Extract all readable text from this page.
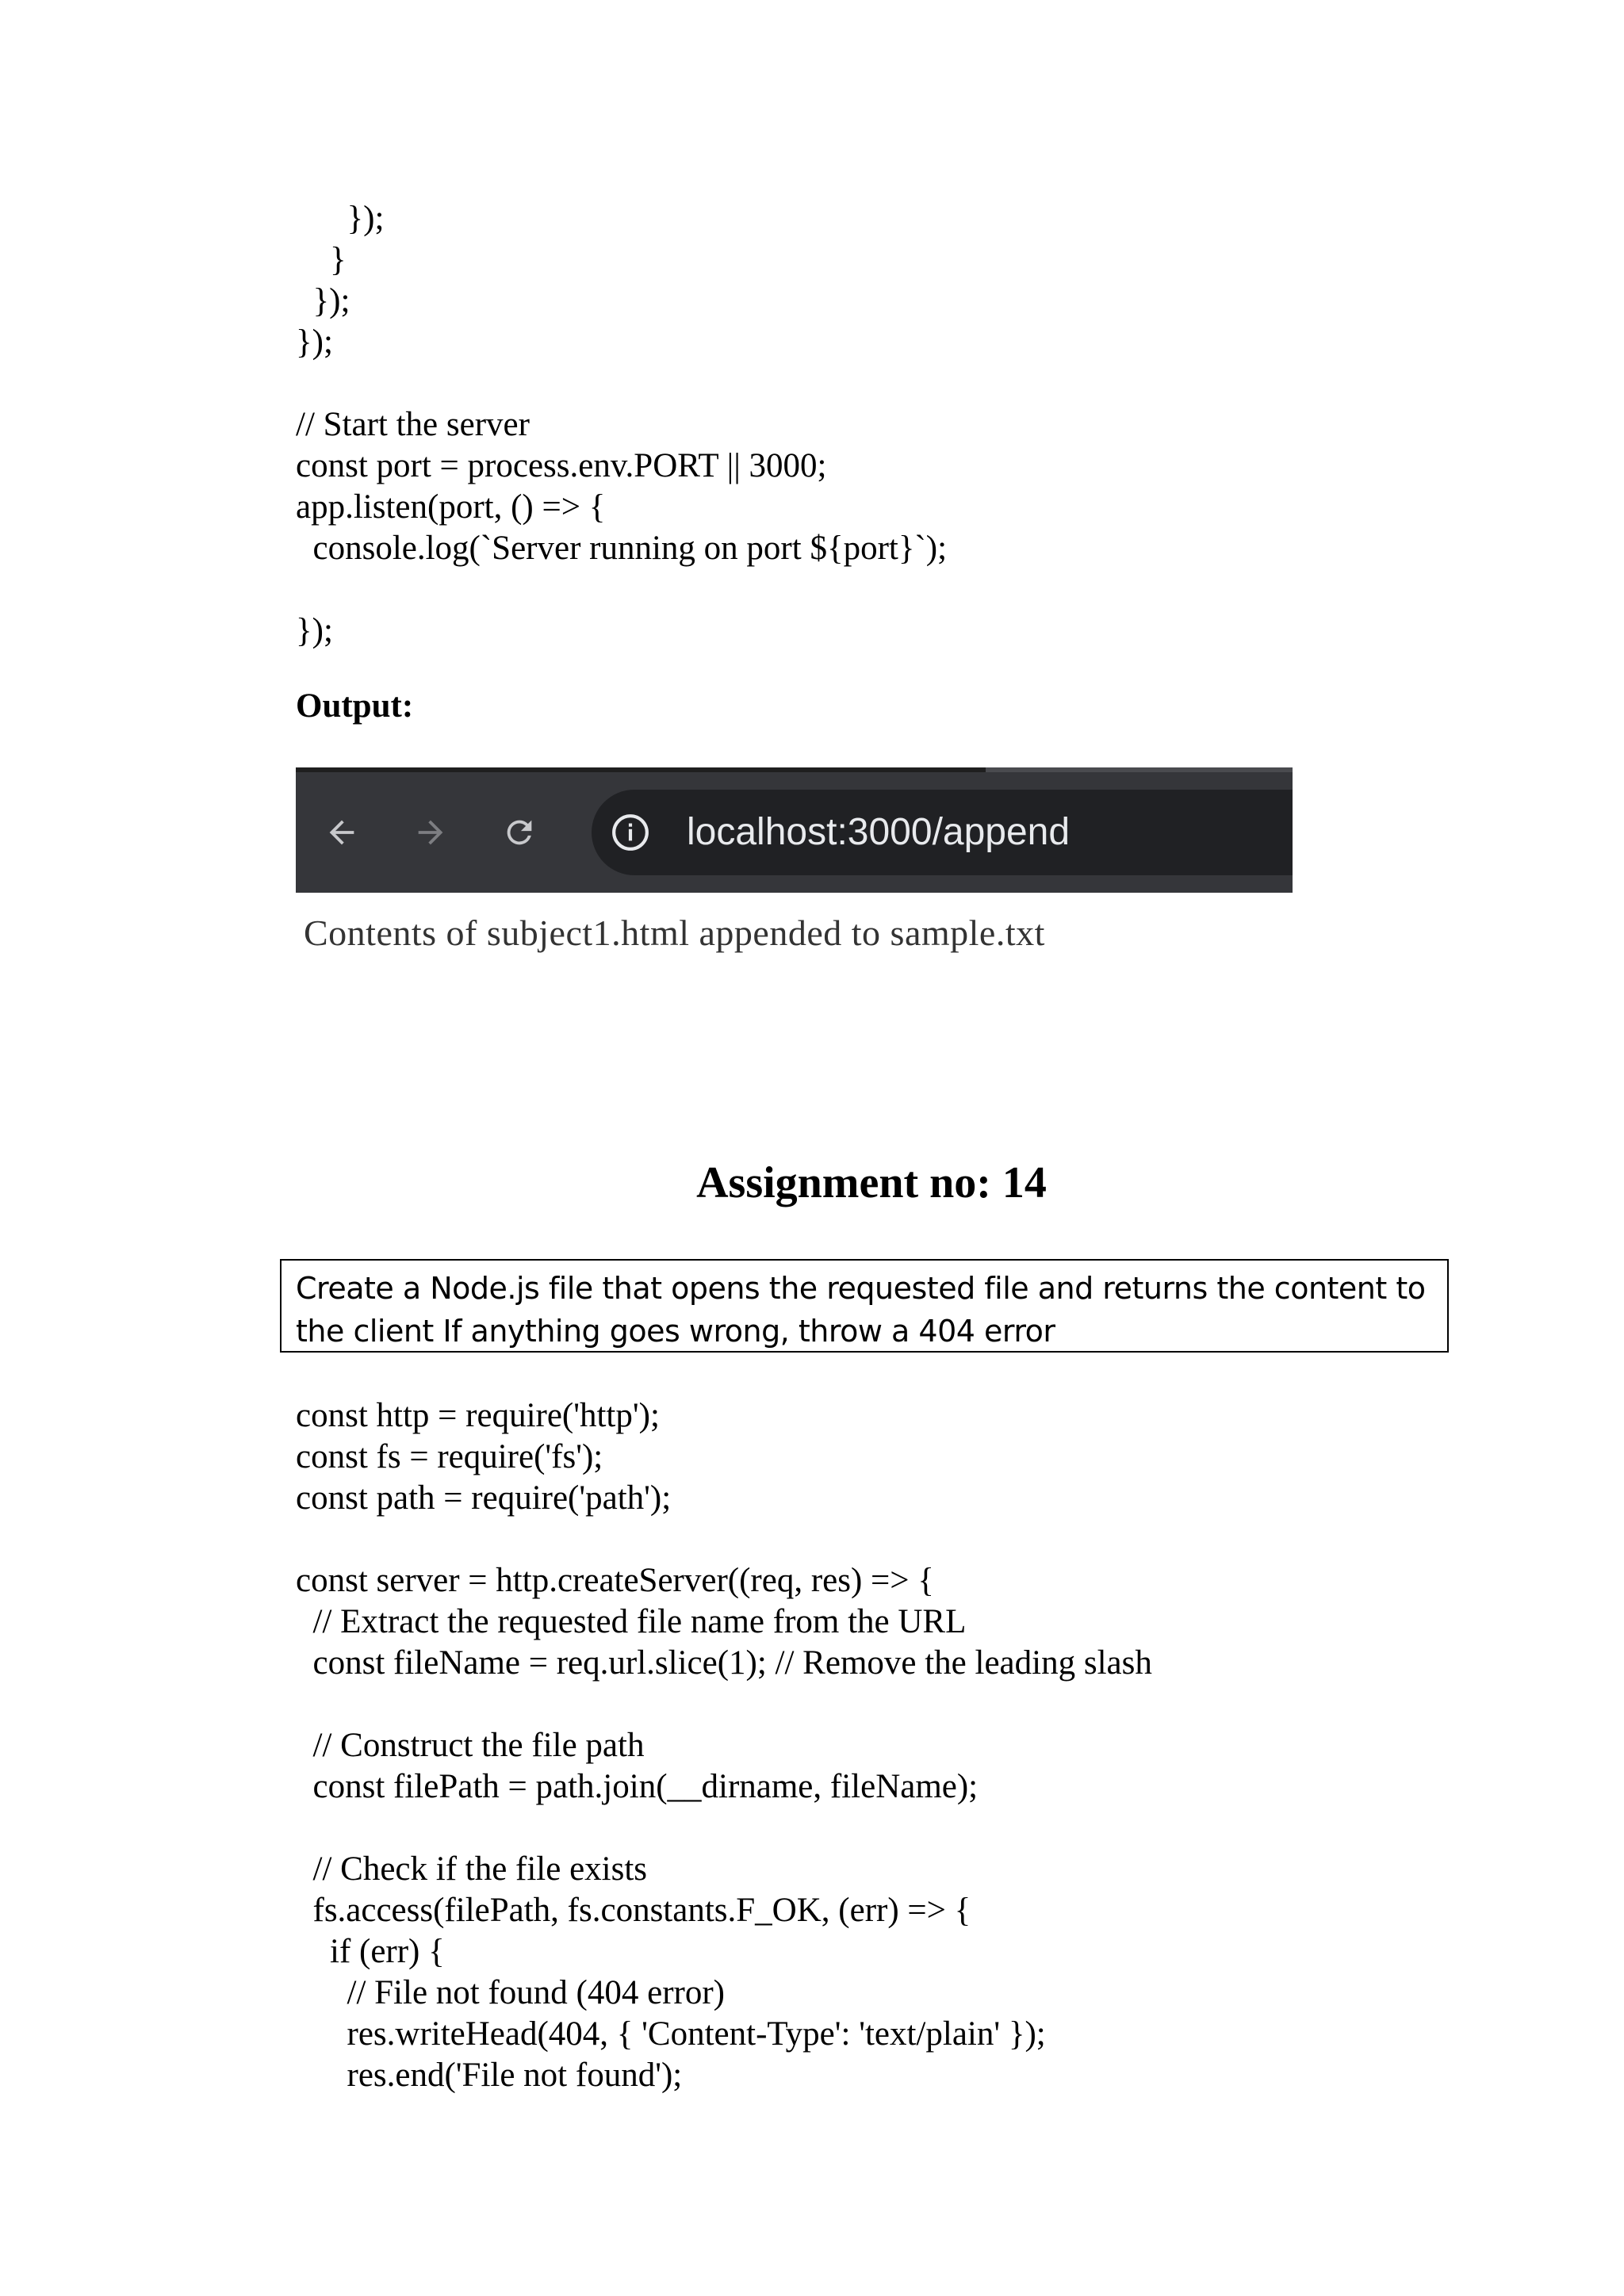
});

}

});

});

// Start the server

const port = process.env.PORT || 3000;

app.listen(port, () => {

console.log(`Server running on port ${port}`);

});

Output:

localhost:3000/append
Contents of subject1.html appended to sample.txt
Assignment no: 14

Create a Node.js file that opens the requested file and returns the content to the client If anything goes wrong, throw a 404 error

const http = require('http');

const fs = require('fs');

const path = require('path');

const server = http.createServer((req, res) => {

// Extract the requested file name from the URL

const fileName = req.url.slice(1); // Remove the leading slash

// Construct the file path

const filePath = path.join(__dirname, fileName);

// Check if the file exists

fs.access(filePath, fs.constants.F_OK, (err) => {

if (err) {

// File not found (404 error)

res.writeHead(404, { 'Content-Type': 'text/plain' });

res.end('File not found');
